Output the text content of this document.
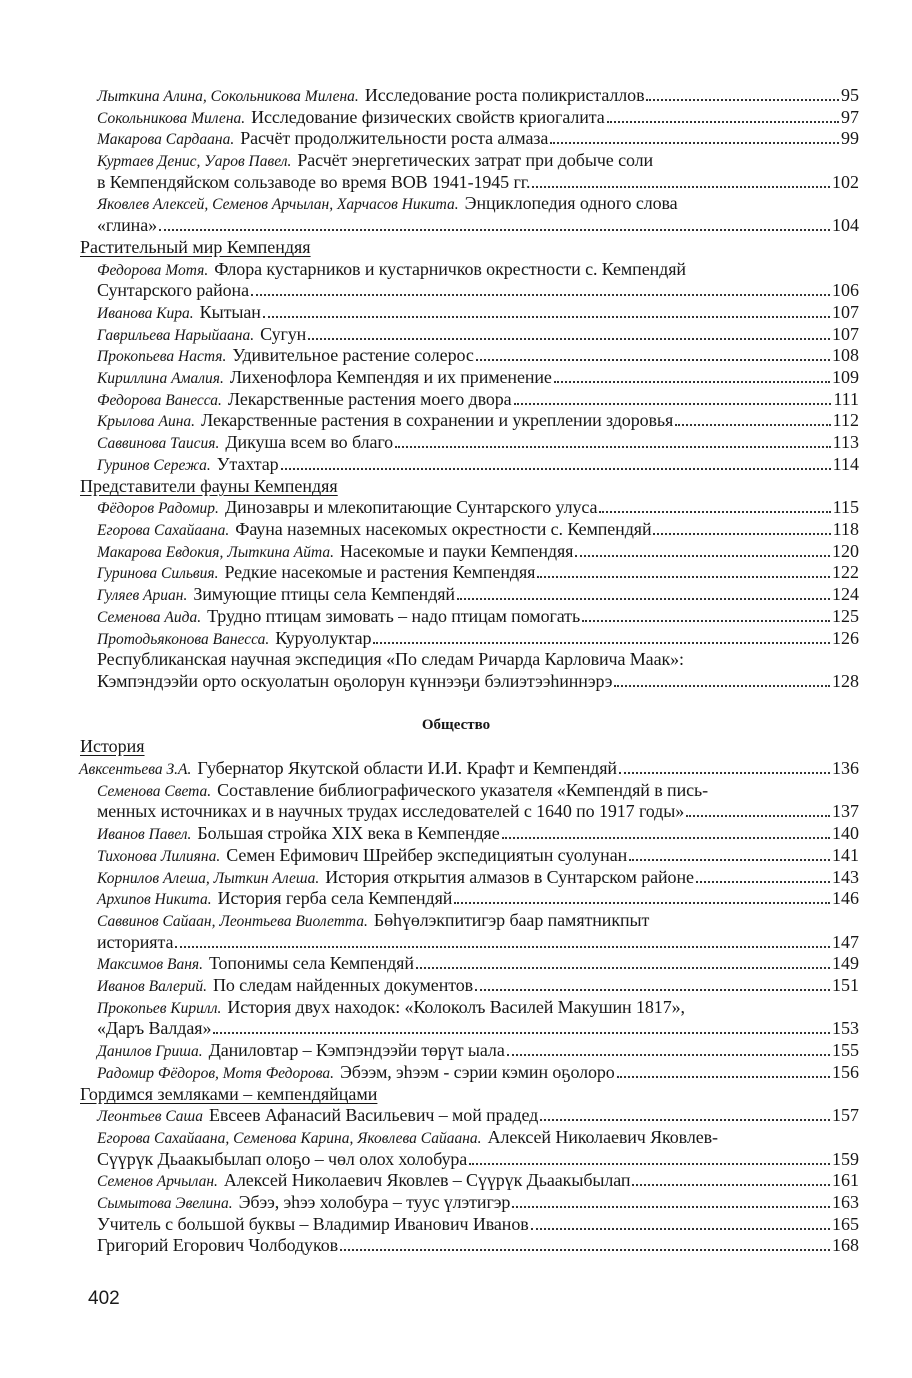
Лыткина Алина, Сокольникова Милена. Исследование роста поликристаллов	95
Сокольникова Милена. Исследование физических свойств криогалита	97
Макарова Сардаана. Расчёт продолжительности роста алмаза	99
Куртаев Денис, Уаров Павел. Расчёт энергетических затрат при добыче соли
в Кемпендяйском сользаводе во время ВОВ 1941-1945 гг.	102
Яковлев Алексей, Семенов Арчылан, Харчасов Никита. Энциклопедия одного слова
«глина»	104
Растительный мир Кемпендяя
Федорова Мотя. Флора кустарников и кустарничков окрестности с. Кемпендяй
Сунтарского района	106
Иванова Кира. Кытыан	107
Гаврильева Нарыйаана. Сугун	107
Прокопьева Настя. Удивительное растение солерос	108
Кириллина Амалия. Лихенофлора Кемпендяя и их применение	109
Федорова Ванесса. Лекарственные растения моего двора	111
Крылова Аина. Лекарственные растения в сохранении и укреплении здоровья	112
Саввинова Таисия. Дикуша всем во благо	113
Гуринов Сережа. Утахтар	114
Представители фауны Кемпендяя
Фёдоров Радомир. Динозавры и млекопитающие Сунтарского улуса	115
Егорова Сахайаана. Фауна наземных насекомых окрестности с. Кемпендяй	118
Макарова Евдокия, Лыткина Айта. Насекомые и пауки Кемпендяя	120
Гуринова Сильвия. Редкие насекомые и растения Кемпендяя	122
Гуляев Ариан. Зимующие птицы села Кемпендяй	124
Семенова Аида. Трудно птицам зимовать – надо птицам помогать	125
Протодьяконова Ванесса. Куруолуктар	126
Республиканская научная экспедиция «По следам Ричарда Карловича Маак»:
Кэмпэндээйи орто оскуолатын оҕолорун күннээҕи бэлиэтээһиннэрэ	128
Общество
История
Авксентьева З.А. Губернатор Якутской области И.И. Крафт и Кемпендяй	136
Семенова Света. Составление библиографического указателя «Кемпендяй в пись-
менных источниках и в научных трудах исследователей с 1640 по 1917 годы»	137
Иванов Павел. Большая стройка XIX века в Кемпендяе	140
Тихонова Лилияна. Семен Ефимович Шрейбер экспедициятын суолунан	141
Корнилов Алеша, Лыткин Алеша. История открытия алмазов в Сунтарском районе	143
Архипов Никита. История герба села Кемпендяй	146
Саввинов Сайаан, Леонтьева Виолетта. Бөһүөлэкпитигэр баар памятникпыт
историята	147
Максимов Ваня. Топонимы села Кемпендяй	149
Иванов Валерий. По следам найденных документов	151
Прокопьев Кирилл. История двух находок: «Колоколъ Василей Макушин 1817»,
«Даръ Валдая»	153
Данилов Гриша. Даниловтар – Кэмпэндээйи төрүт ыала	155
Радомир Фёдоров, Мотя Федорова. Эбээм, эһээм - сэрии кэмин оҕолоро	156
Гордимся земляками – кемпендяйцами
Леонтьев Саша Евсеев Афанасий Васильевич – мой прадед	157
Егорова Сахайаана, Семенова Карина, Яковлева Сайаана. Алексей Николаевич Яковлев-
Сүүрүк Дьаакыбылап олоҕо – чөл олох холобура	159
Семенов Арчылан. Алексей Николаевич Яковлев – Сүүрүк Дьаакыбылап	161
Сымытова Эвелина. Эбээ, эһээ холобура – туус үлэтигэр	163
Учитель с большой буквы – Владимир Иванович Иванов	165
Григорий Егорович Чолбодуков	168
402
